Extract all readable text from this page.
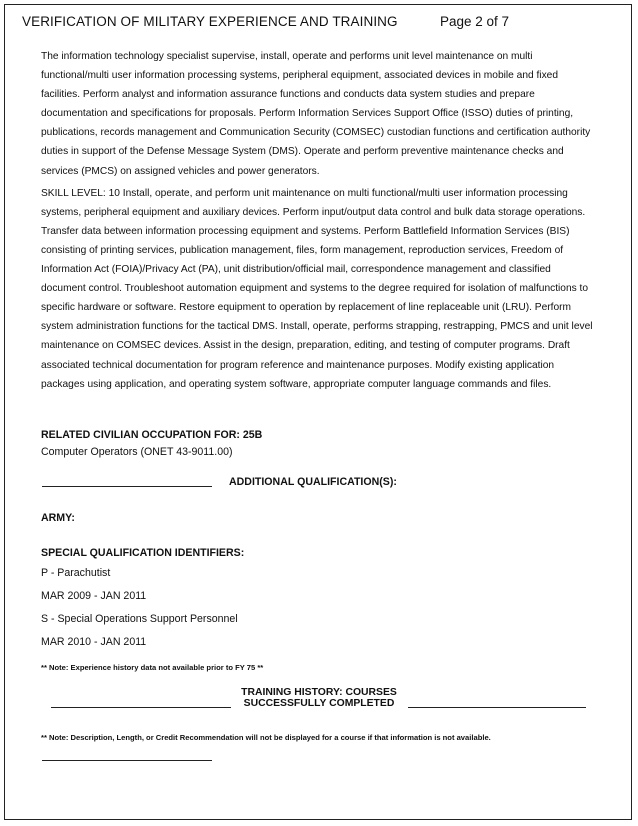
VERIFICATION OF MILITARY EXPERIENCE AND TRAINING	Page 2 of 7

The information technology specialist supervise, install, operate and performs unit level maintenance on multi functional/multi user information processing systems, peripheral equipment, associated devices in mobile and fixed facilities. Perform analyst and information assurance functions and conducts data system studies and prepare documentation and specifications for proposals. Perform Information Services Support Office (ISSO) duties of printing, publications, records management and Communication Security (COMSEC) custodian functions and certification authority duties in support of the Defense Message System (DMS). Operate and perform preventive maintenance checks and services (PMCS) on assigned vehicles and power generators.

SKILL LEVEL: 10 Install, operate, and perform unit maintenance on multi functional/multi user information processing systems, peripheral equipment and auxiliary devices. Perform input/output data control and bulk data storage operations. Transfer data between information processing equipment and systems. Perform Battlefield Information Services (BIS) consisting of printing services, publication management, files, form management, reproduction services, Freedom of Information Act (FOIA)/Privacy Act (PA), unit distribution/official mail, correspondence management and classified document control. Troubleshoot automation equipment and systems to the degree required for isolation of malfunctions to specific hardware or software. Restore equipment to operation by replacement of line replaceable unit (LRU). Perform system administration functions for the tactical DMS. Install, operate, performs strapping, restrapping, PMCS and unit level maintenance on COMSEC devices. Assist in the design, preparation, editing, and testing of computer programs. Draft associated technical documentation for program reference and maintenance purposes. Modify existing application packages using application, and operating system software, appropriate computer language commands and files.

RELATED CIVILIAN OCCUPATION FOR: 25B
Computer Operators (ONET 43-9011.00)
ADDITIONAL QUALIFICATION(S):
ARMY:
SPECIAL QUALIFICATION IDENTIFIERS:
P - Parachutist
MAR 2009 - JAN 2011
S - Special Operations Support Personnel
MAR 2010 - JAN 2011
** Note: Experience history data not available prior to FY 75 **
TRAINING HISTORY: COURSES
SUCCESSFULLY COMPLETED
** Note: Description, Length, or Credit Recommendation will not be displayed for a course if that information is not available.
